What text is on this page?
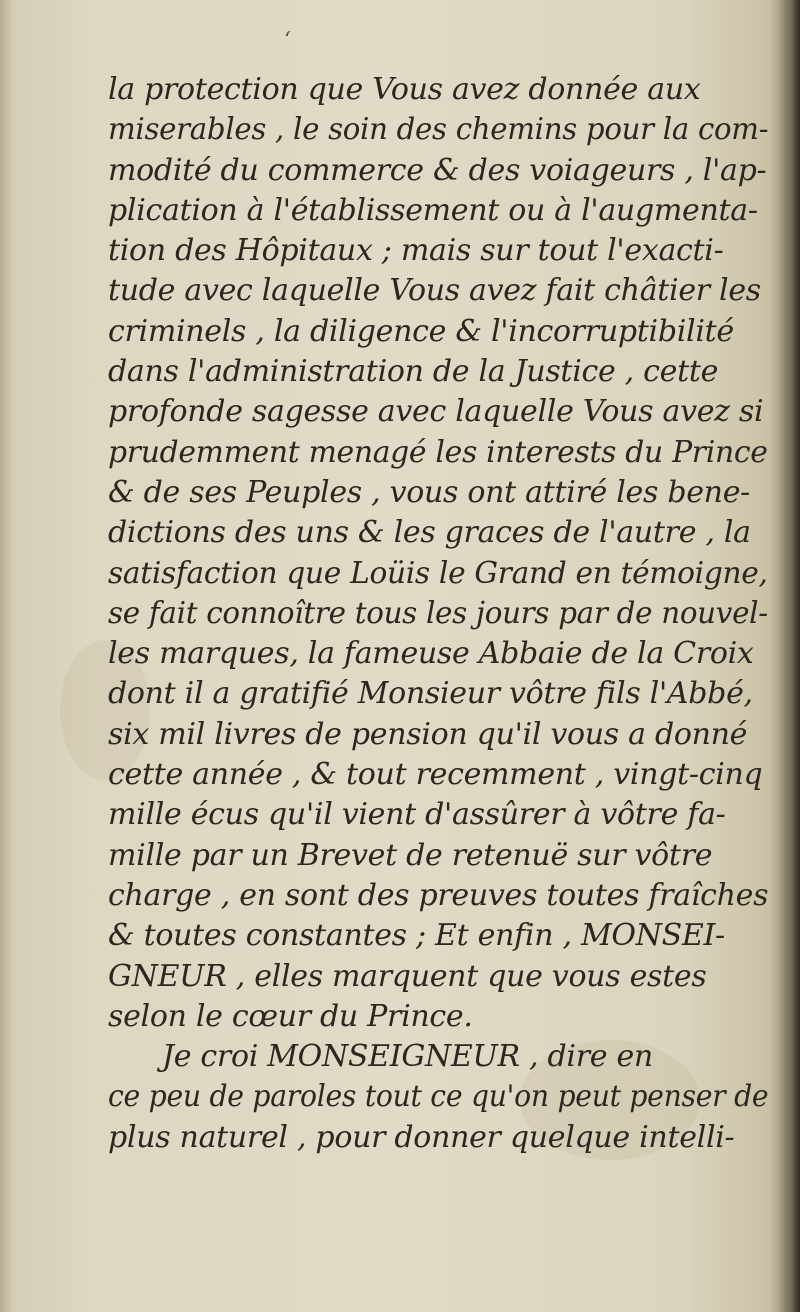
‘
la protection que Vous avez donnée aux
miserables , le soin des chemins pour la com-
modité du commerce & des voiageurs , l'ap-
plication à l'établissement ou à l'augmenta-
tion des Hôpitaux ; mais sur tout l'exacti-
tude avec laquelle Vous avez fait châtier les
criminels , la diligence & l'incorruptibilité
dans l'administration de la Justice , cette
profonde sagesse avec laquelle Vous avez si
prudemment menagé les interests du Prince
& de ses Peuples , vous ont attiré les bene-
dictions des uns & les graces de l'autre , la
satisfaction que Loüis le Grand en témoigne,
se fait connoître tous les jours par de nouvel-
les marques, la fameuse Abbaie de la Croix
dont il a gratifié Monsieur vôtre fils l'Abbé,
six mil livres de pension qu'il vous a donné
cette année , & tout recemment , vingt-cinq
mille écus qu'il vient d'assûrer à vôtre fa-
mille par un Brevet de retenuë sur vôtre
charge , en sont des preuves toutes fraîches
& toutes constantes ; Et enfin , MONSEI-
GNEUR , elles marquent que vous estes
selon le cœur du Prince.
Je croi MONSEIGNEUR , dire en
ce peu de paroles tout ce qu'on peut penser de
plus naturel , pour donner quelque intelli-
